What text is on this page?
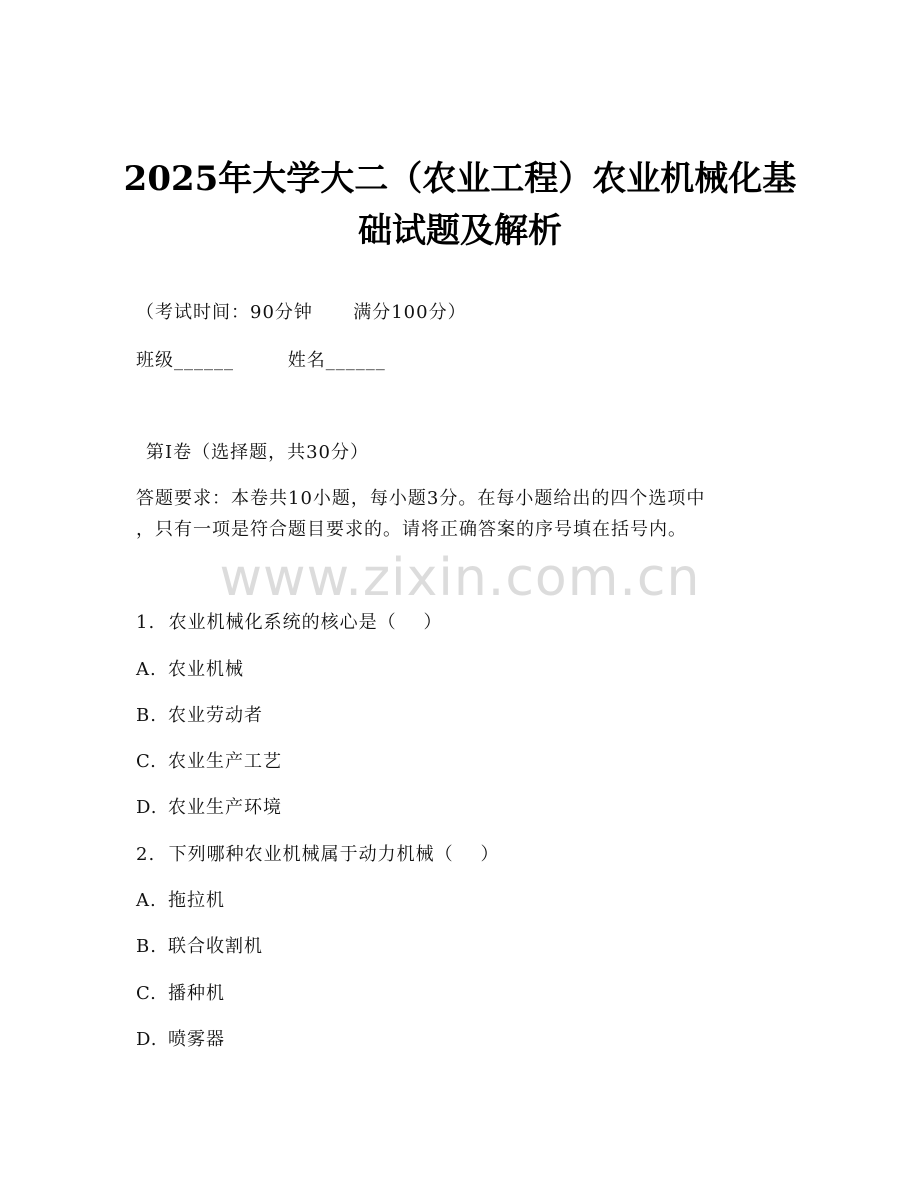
2025年大学大二（农业工程）农业机械化基
础试题及解析
（考试时间：90分钟      满分100分）
班级______        姓名______
第I卷（选择题，共30分）
答题要求：本卷共10小题，每小题3分。在每小题给出的四个选项中
，只有一项是符合题目要求的。请将正确答案的序号填在括号内。
www.zixin.com.cn
1.  农业机械化系统的核心是（    ）
A. 农业机械
B. 农业劳动者
C. 农业生产工艺
D. 农业生产环境
2.  下列哪种农业机械属于动力机械（    ）
A. 拖拉机
B. 联合收割机
C. 播种机
D. 喷雾器
